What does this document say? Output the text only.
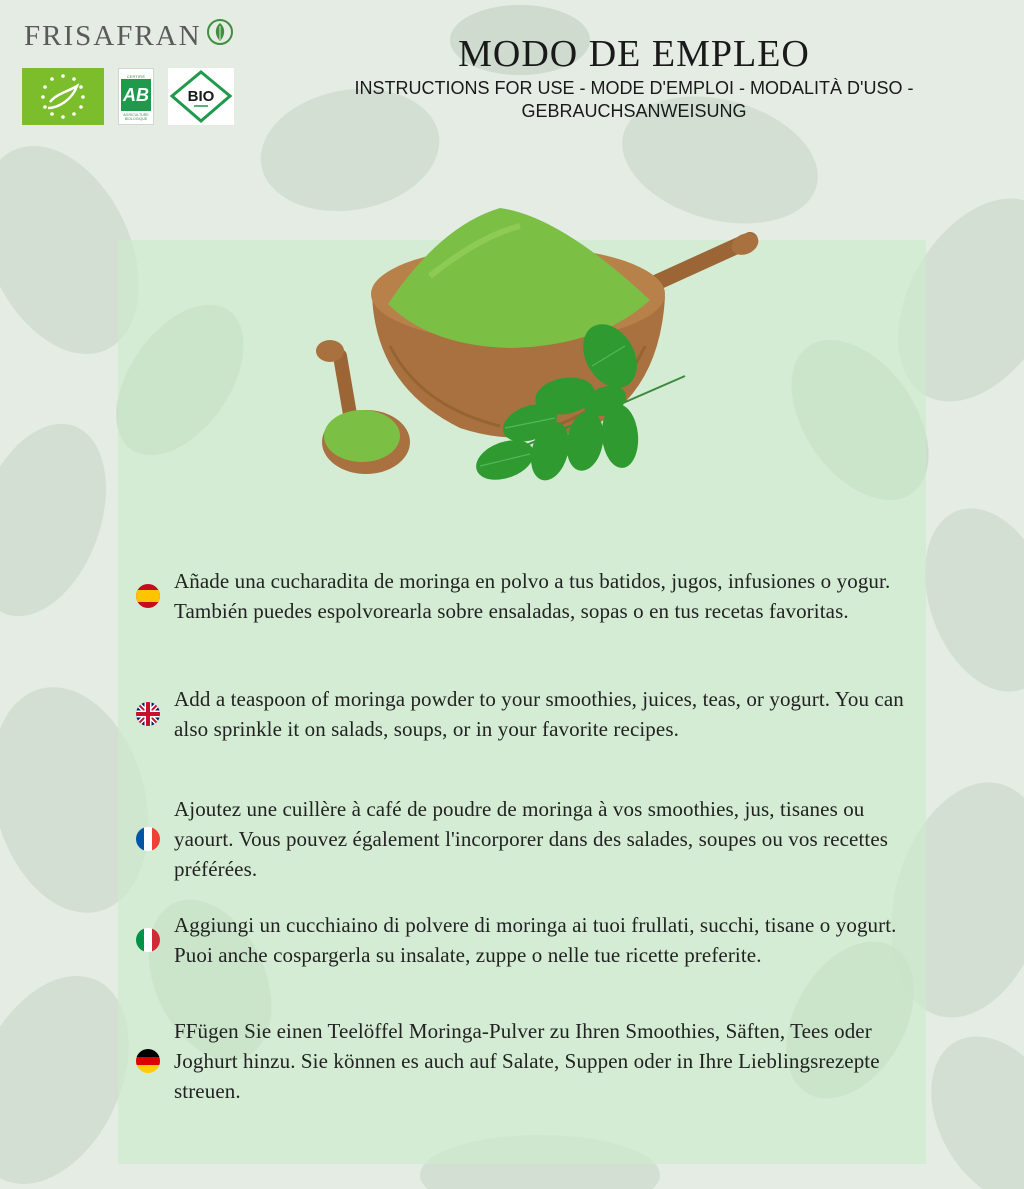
FRISAFRAN
CERTIFIÉ
AB
AGRICULTURE
BIOLOGIQUE
BIO
MODO DE EMPLEO
INSTRUCTIONS FOR USE - MODE D'EMPLOI - MODALITÀ D'USO -
GEBRAUCHSANWEISUNG

Añade una cucharadita de moringa en polvo a tus batidos, jugos, infusiones o yogur. También puedes espolvorearla sobre ensaladas, sopas o en tus recetas favoritas.

Add a teaspoon of moringa powder to your smoothies, juices, teas, or yogurt. You can also sprinkle it on salads, soups, or in your favorite recipes.

Ajoutez une cuillère à café de poudre de moringa à vos smoothies, jus, tisanes ou yaourt. Vous pouvez également l'incorporer dans des salades, soupes ou vos recettes préférées.

Aggiungi un cucchiaino di polvere di moringa ai tuoi frullati, succhi, tisane o yogurt. Puoi anche cospargerla su insalate, zuppe o nelle tue ricette preferite.

FFügen Sie einen Teelöffel Moringa-Pulver zu Ihren Smoothies, Säften, Tees oder Joghurt hinzu. Sie können es auch auf Salate, Suppen oder in Ihre Lieblingsrezepte streuen.
